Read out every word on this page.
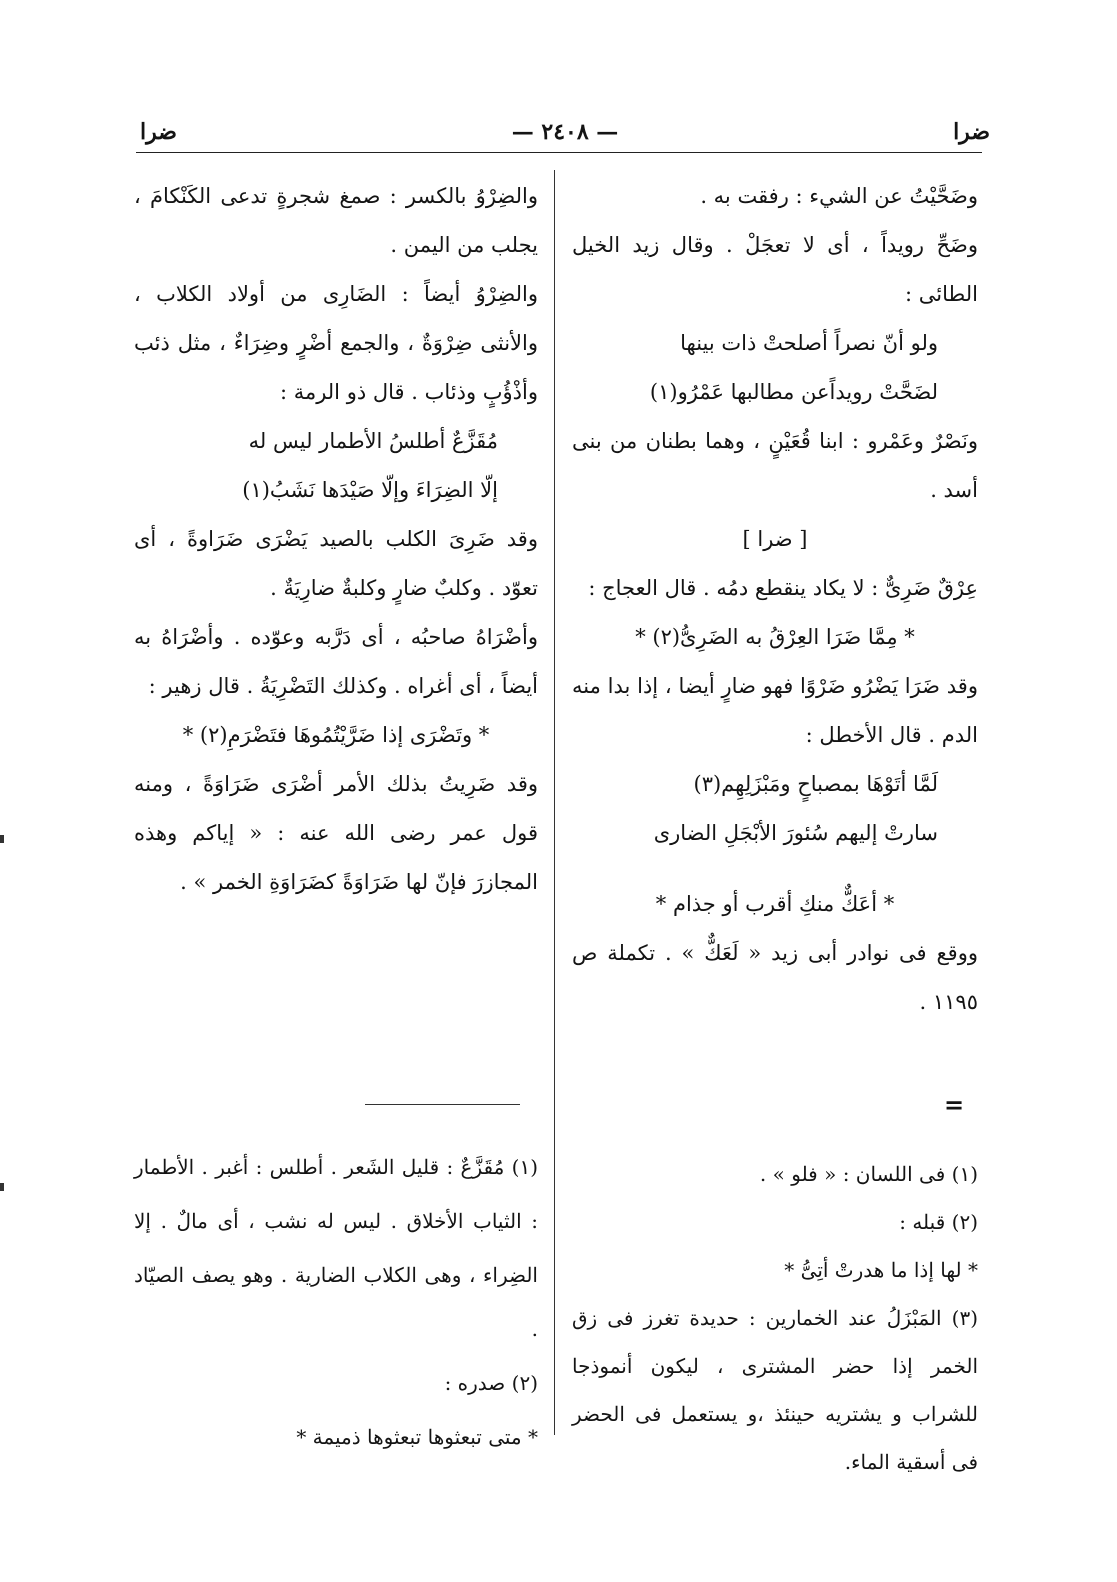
ضرا
— ٢٤٠٨ —
ضرا

وضَحَّيْتُ عن الشيء : رفقت به .

وضَحِّ رويداً ، أى لا تعجَلْ . وقال زيد الخيل الطائى :

ولو أنّ نصراً أصلحتْ ذات بينها

لضَحَّتْ رويداًعن مطالبها عَمْرُو(١)

ونَصْرٌ وعَمْرو : ابنا قُعَيْنٍ ، وهما بطنان من بنى أسد .

[ ضرا ]

عِرْقٌ ضَرِىٌّ : لا يكاد ينقطع دمُه . قال العجاج :

* مِمَّا ضَرَا العِرْقُ به الضَرِىُّ(٢) *

وقد ضَرَا يَضْرُو ضَرْوًا فهو ضارٍ أيضا ، إذا بدا منه الدم . قال الأخطل :

لَمَّا أتَوْهَا بمصباحٍ ومَبْزَلِهِم(٣)

سارتْ إليهم سُئورَ الأبْجَلِ الضارى

* أعَكٌّ منكِ أقرب أو جذام *

ووقع فى نوادر أبى زيد « لَعَكٌّ » . تكملة ص ١١٩٥ .

=

(١) فى اللسان : « فلو » .

(٢) قبله :

* لها إذا ما هدرتْ أتِىُّ *

(٣) المَبْزَلُ عند الخمارين : حديدة تغرز فى زق الخمر إذا حضر المشترى ، ليكون أنموذجا للشراب و يشتريه حينئذ ،و يستعمل فى الحضر فى أسقية الماء.

والضِرْوُ بالكسر : صمغ شجرةٍ تدعى الكَنْكامَ ، يجلب من اليمن .

والضِرْوُ أيضاً : الضَارِى من أولاد الكلاب ، والأنثى ضِرْوَةٌ ، والجمع أضْرٍ وضِرَاءٌ ، مثل ذئب وأذْؤُبٍ وذئاب . قال ذو الرمة :

مُقَزَّعٌ أطلسُ الأطمار ليس له

إلّا الضِرَاءَ وإلّا صَيْدَها نَشَبُ(١)

وقد ضَرِىَ الكلب بالصيد يَضْرَى ضَرَاوةً ، أى تعوّد . وكلبٌ ضارٍ وكلبةٌ ضارِيَةٌ .

وأضْرَاهُ صاحبُه ، أى دَرَّبه وعوّده . وأضْرَاهُ به أيضاً ، أى أغراه . وكذلك التَضْرِيَةُ . قال زهير :

* وتَضْرَى إذا ضَرَّيْتُمُوهَا فتَضْرَمِ(٢) *

وقد ضَرِيتُ بذلك الأمر أضْرَى ضَرَاوَةً ، ومنه قول عمر رضى الله عنه : « إياكم وهذه المجازرَ فإنّ لها ضَرَاوَةً كضَرَاوَةِ الخمر » .

(١) مُقَزَّعٌ : قليل الشَعر . أطلس : أغبر . الأطمار : الثياب الأخلاق . ليس له نشب ، أى مالٌ . إلا الضِراء ، وهى الكلاب الضارية . وهو يصف الصيّاد .

(٢) صدره :

* متى تبعثوها تبعثوها ذميمة *
